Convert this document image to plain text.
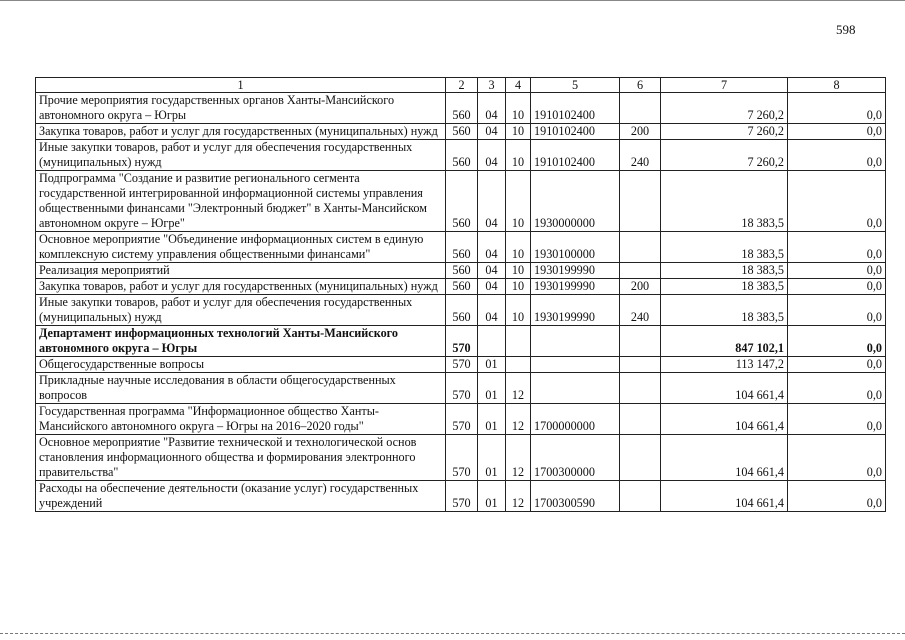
598
1	2	3	4	5	6	7	8
Прочие мероприятия государственных органов Ханты-Мансийского автономного округа – Югры	560	04	10	1910102400		7 260,2	0,0
Закупка товаров, работ и услуг для государственных (муниципальных) нужд	560	04	10	1910102400	200	7 260,2	0,0
Иные закупки товаров, работ и услуг для обеспечения государственных (муниципальных) нужд	560	04	10	1910102400	240	7 260,2	0,0
Подпрограмма "Создание и развитие регионального сегмента государственной интегрированной информационной системы управления общественными финансами "Электронный бюджет" в Ханты-Мансийском автономном округе – Югре"	560	04	10	1930000000		18 383,5	0,0
Основное мероприятие "Объединение информационных систем в единую комплексную систему управления общественными финансами"	560	04	10	1930100000		18 383,5	0,0
Реализация мероприятий	560	04	10	1930199990		18 383,5	0,0
Закупка товаров, работ и услуг для государственных (муниципальных) нужд	560	04	10	1930199990	200	18 383,5	0,0
Иные закупки товаров, работ и услуг для обеспечения государственных (муниципальных) нужд	560	04	10	1930199990	240	18 383,5	0,0
Департамент информационных технологий Ханты-Мансийского автономного округа – Югры	570					847 102,1	0,0
Общегосударственные вопросы	570	01				113 147,2	0,0
Прикладные научные исследования в области общегосударственных вопросов	570	01	12			104 661,4	0,0
Государственная программа "Информационное общество Ханты-Мансийского автономного округа – Югры на 2016–2020 годы"	570	01	12	1700000000		104 661,4	0,0
Основное мероприятие "Развитие технической и технологической основ становления информационного общества и формирования электронного правительства"	570	01	12	1700300000		104 661,4	0,0
Расходы на обеспечение деятельности (оказание услуг) государственных учреждений	570	01	12	1700300590		104 661,4	0,0
